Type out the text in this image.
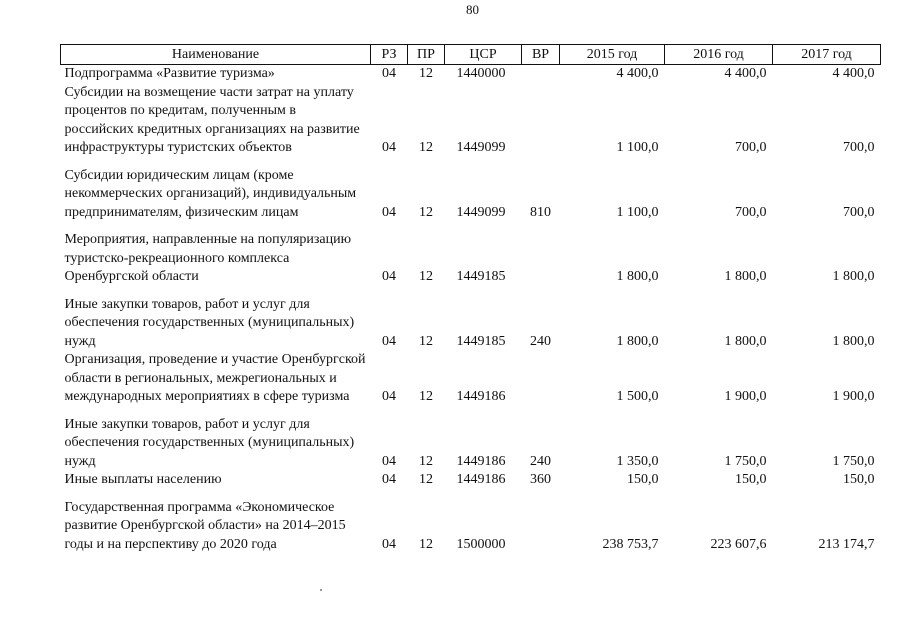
80
Наименование	РЗ	ПР	ЦСР	ВР	2015 год	2016 год	2017 год
Подпрограмма «Развитие туризма»	04	12	1440000		4 400,0	4 400,0	4 400,0
Субсидии на возмещение части затрат на уплату процентов по кредитам, полученным в российских кредитных организациях на развитие инфраструктуры туристских объектов	04	12	1449099		1 100,0	700,0	700,0
Субсидии юридическим лицам (кроме некоммерческих организаций), индивидуальным предпринимателям, физическим лицам	04	12	1449099	810	1 100,0	700,0	700,0
Мероприятия, направленные на популяризацию туристско-рекреационного комплекса Оренбургской области	04	12	1449185		1 800,0	1 800,0	1 800,0
Иные закупки товаров, работ и услуг для обеспечения государственных (муниципальных) нужд	04	12	1449185	240	1 800,0	1 800,0	1 800,0
Организация, проведение и участие Оренбургской области в региональных, межрегиональных и международных мероприятиях в сфере туризма	04	12	1449186		1 500,0	1 900,0	1 900,0
Иные закупки товаров, работ и услуг для обеспечения государственных (муниципальных) нужд	04	12	1449186	240	1 350,0	1 750,0	1 750,0
Иные выплаты населению	04	12	1449186	360	150,0	150,0	150,0
Государственная программа «Экономическое развитие Оренбургской области» на 2014–2015 годы и на перспективу до 2020 года	04	12	1500000		238 753,7	223 607,6	213 174,7
